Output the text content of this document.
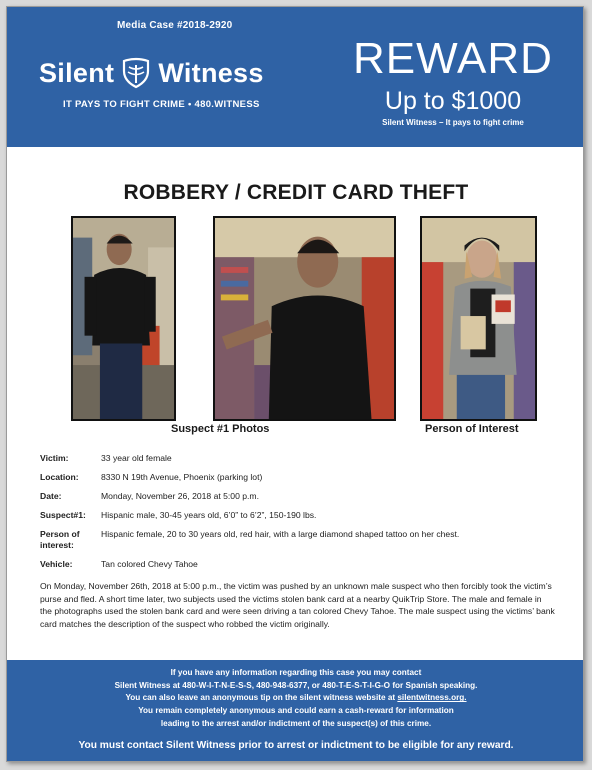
Media Case #2018-2920
Silent Witness
IT PAYS TO FIGHT CRIME • 480.WITNESS
REWARD
Up to $1000
Silent Witness – It pays to fight crime
ROBBERY / CREDIT CARD THEFT
Suspect #1 Photos	Person of Interest
Victim:	33 year old female
Location:	8330 N 19th Avenue, Phoenix (parking lot)
Date:	Monday, November 26, 2018 at 5:00 p.m.
Suspect#1:	Hispanic male, 30-45 years old, 6’0” to 6’2”, 150-190 lbs.
Person of interest:
Hispanic female, 20 to 30 years old, red hair, with a large diamond shaped tattoo on her chest.
Vehicle:	Tan colored Chevy Tahoe
On Monday, November 26th, 2018 at 5:00 p.m., the victim was pushed by an unknown male suspect who then forcibly took the victim’s purse and fled. A short time later, two subjects used the victims stolen bank card at a nearby QuikTrip Store. The male and female in the photographs used the stolen bank card and were seen driving a tan colored Chevy Tahoe. The male suspect using the victims’ bank card matches the description of the suspect who robbed the victim originally.
If you have any information regarding this case you may contact
Silent Witness at 480-W-I-T-N-E-S-S, 480-948-6377, or 480-T-E-S-T-I-G-O for Spanish speaking.
You can also leave an anonymous tip on the silent witness website at silentwitness.org.
You remain completely anonymous and could earn a cash-reward for information
leading to the arrest and/or indictment of the suspect(s) of this crime.
You must contact Silent Witness prior to arrest or indictment to be eligible for any reward.
